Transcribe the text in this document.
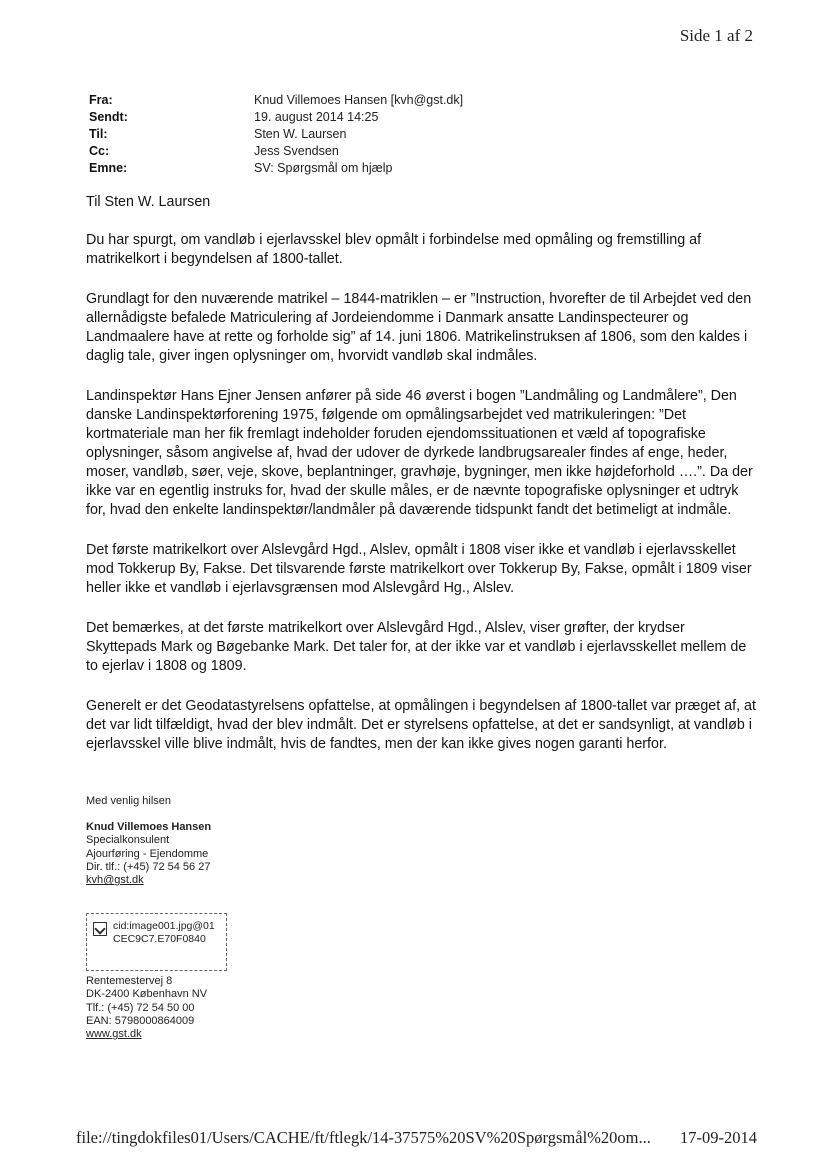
Side 1 af 2
Fra:	Knud Villemoes Hansen [kvh@gst.dk]
Sendt:	19. august 2014 14:25
Til:	Sten W. Laursen
Cc:	Jess Svendsen
Emne:	SV: Spørgsmål om hjælp

Til Sten W. Laursen

Du har spurgt, om vandløb i ejerlavsskel blev opmålt i forbindelse med opmåling og fremstilling af matrikelkort i begyndelsen af 1800-tallet.

Grundlagt for den nuværende matrikel – 1844-matriklen – er ”Instruction, hvorefter de til Arbejdet ved den allernådigste befalede Matriculering af Jordeiendomme i Danmark ansatte Landinspecteurer og Landmaalere have at rette og forholde sig” af 14. juni 1806. Matrikelinstruksen af 1806, som den kaldes i daglig tale, giver ingen oplysninger om, hvorvidt vandløb skal indmåles.

Landinspektør Hans Ejner Jensen anfører på side 46 øverst i bogen ”Landmåling og Landmålere”, Den danske Landinspektørforening 1975, følgende om opmålingsarbejdet ved matrikuleringen: ”Det kortmateriale man her fik fremlagt indeholder foruden ejendomssituationen et væld af topografiske oplysninger, såsom angivelse af, hvad der udover de dyrkede landbrugsarealer findes af enge, heder, moser, vandløb, søer, veje, skove, beplantninger, gravhøje, bygninger, men ikke højdeforhold ….”. Da der ikke var en egentlig instruks for, hvad der skulle måles, er de nævnte topografiske oplysninger et udtryk for, hvad den enkelte landinspektør/landmåler på daværende tidspunkt fandt det betimeligt at indmåle.

Det første matrikelkort over Alslevgård Hgd., Alslev, opmålt i 1808 viser ikke et vandløb i ejerlavsskellet mod Tokkerup By, Fakse. Det tilsvarende første matrikelkort over Tokkerup By, Fakse, opmålt i 1809 viser heller ikke et vandløb i ejerlavsgrænsen mod Alslevgård Hg., Alslev.

Det bemærkes, at det første matrikelkort over Alslevgård Hgd., Alslev, viser grøfter, der krydser Skyttepads Mark og Bøgebanke Mark. Det taler for, at der ikke var et vandløb i ejerlavsskellet mellem de to ejerlav i 1808 og 1809.

Generelt er det Geodatastyrelsens opfattelse, at opmålingen i begyndelsen af 1800-tallet var præget af, at det var lidt tilfældigt, hvad der blev indmålt. Det er styrelsens opfattelse, at det er sandsynligt, at vandløb i ejerlavsskel ville blive indmålt, hvis de fandtes, men der kan ikke gives nogen garanti herfor.

Med venlig hilsen
Knud Villemoes Hansen
Specialkonsulent
Ajourføring - Ejendomme
Dir. tlf.: (+45) 72 54 56 27
kvh@gst.dk
cid:image001.jpg@01CEC9C7.E70F0840
Rentemestervej 8
DK-2400 København NV
Tlf.: (+45) 72 54 50 00
EAN: 5798000864009
www.gst.dk
file://tingdokfiles01/Users/CACHE/ft/ftlegk/14-37575%20SV%20Spørgsmål%20om... 17-09-2014
